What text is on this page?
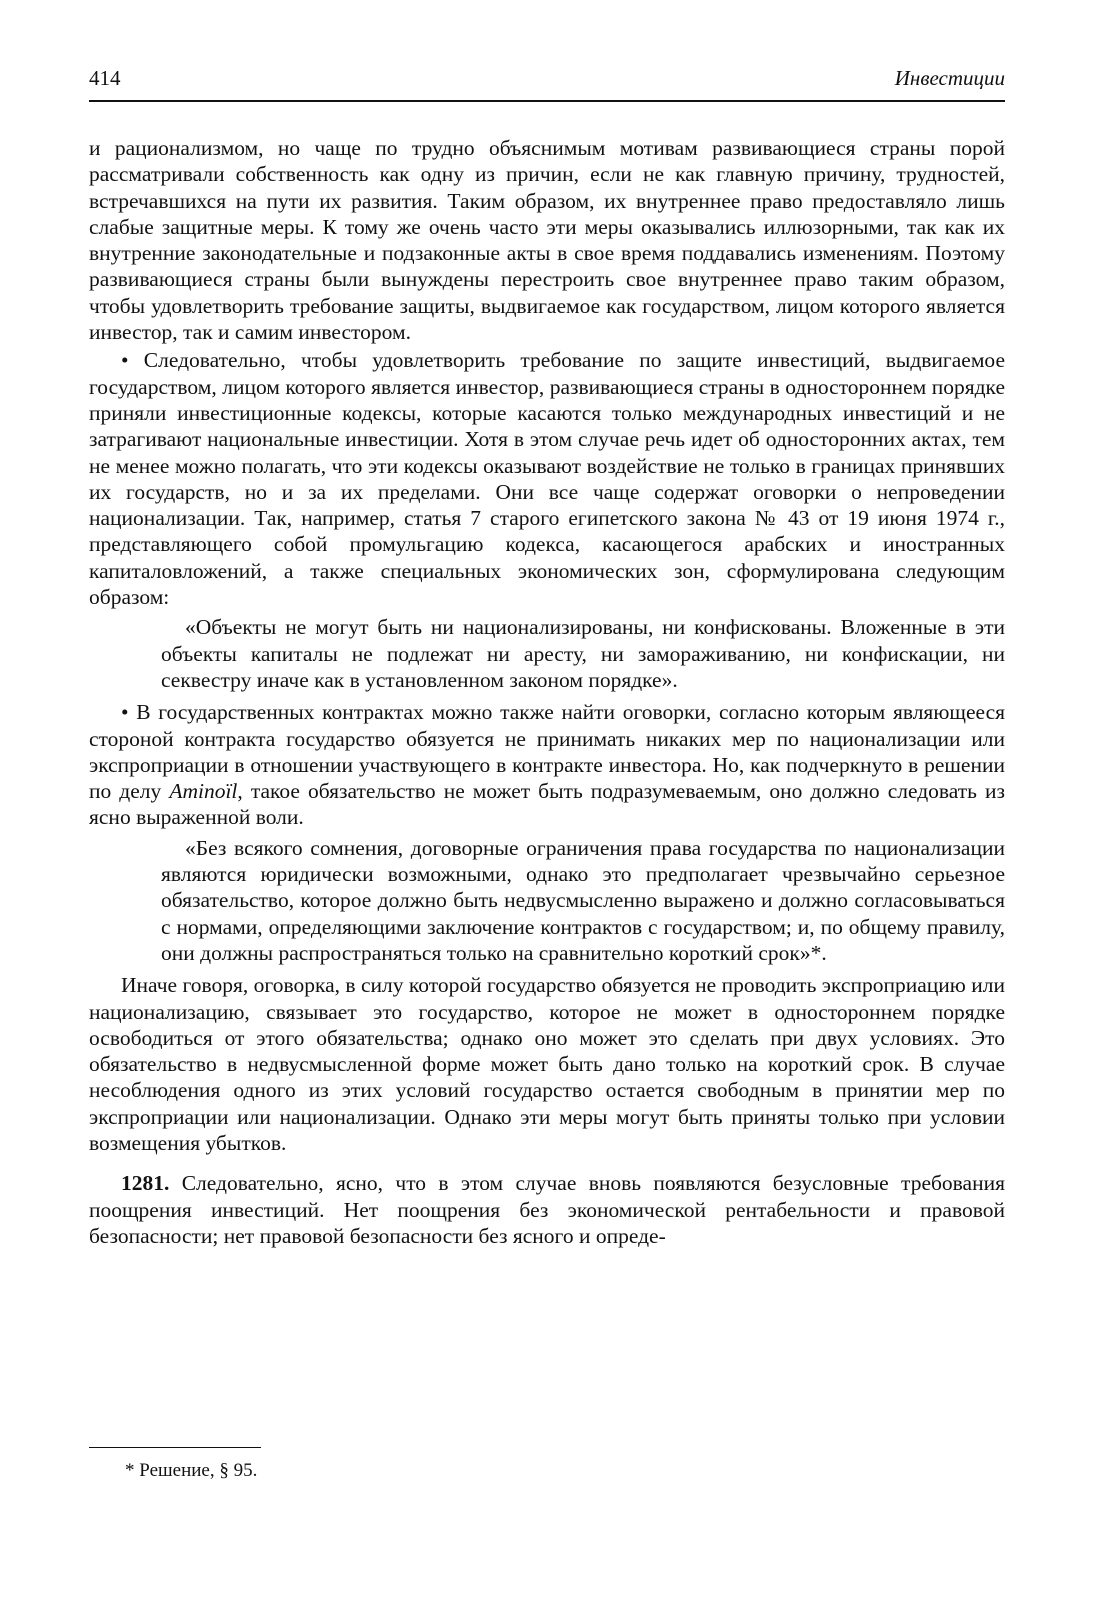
414	Инвестиции

и рационализмом, но чаще по трудно объяснимым мотивам развивающиеся страны порой рассматривали собственность как одну из причин, если не как главную причину, трудностей, встречавшихся на пути их развития. Таким образом, их внутреннее право предоставляло лишь слабые защитные меры. К тому же очень часто эти меры оказывались иллюзорными, так как их внутренние законодательные и подзаконные акты в свое время поддавались изменениям. Поэтому развивающиеся страны были вынуждены перестроить свое внутреннее право таким образом, чтобы удовлетворить требование защиты, выдвигаемое как государством, лицом которого является инвестор, так и самим инвестором.

• Следовательно, чтобы удовлетворить требование по защите инвестиций, выдвигаемое государством, лицом которого является инвестор, развивающиеся страны в одностороннем порядке приняли инвестиционные кодексы, которые касаются только международных инвестиций и не затрагивают национальные инвестиции. Хотя в этом случае речь идет об односторонних актах, тем не менее можно полагать, что эти кодексы оказывают воздействие не только в границах принявших их государств, но и за их пределами. Они все чаще содержат оговорки о непроведении национализации. Так, например, статья 7 старого египетского закона № 43 от 19 июня 1974 г., представляющего собой промульгацию кодекса, касающегося арабских и иностранных капиталовложений, а также специальных экономических зон, сформулирована следующим образом:

«Объекты не могут быть ни национализированы, ни конфискованы. Вложенные в эти объекты капиталы не подлежат ни аресту, ни замораживанию, ни конфискации, ни секвестру иначе как в установленном законом порядке».

• В государственных контрактах можно также найти оговорки, согласно которым являющееся стороной контракта государство обязуется не принимать никаких мер по национализации или экспроприации в отношении участвующего в контракте инвестора. Но, как подчеркнуто в решении по делу Aminoïl, такое обязательство не может быть подразумеваемым, оно должно следовать из ясно выраженной воли.

«Без всякого сомнения, договорные ограничения права государства по национализации являются юридически возможными, однако это предполагает чрезвычайно серьезное обязательство, которое должно быть недвусмысленно выражено и должно согласовываться с нормами, определяющими заключение контрактов с государством; и, по общему правилу, они должны распространяться только на сравнительно короткий срок»*.

Иначе говоря, оговорка, в силу которой государство обязуется не проводить экспроприацию или национализацию, связывает это государство, которое не может в одностороннем порядке освободиться от этого обязательства; однако оно может это сделать при двух условиях. Это обязательство в недвусмысленной форме может быть дано только на короткий срок. В случае несоблюдения одного из этих условий государство остается свободным в принятии мер по экспроприации или национализации. Однако эти меры могут быть приняты только при условии возмещения убытков.

1281. Следовательно, ясно, что в этом случае вновь появляются безусловные требования поощрения инвестиций. Нет поощрения без экономической рентабельности и правовой безопасности; нет правовой безопасности без ясного и опреде-

* Решение, § 95.
